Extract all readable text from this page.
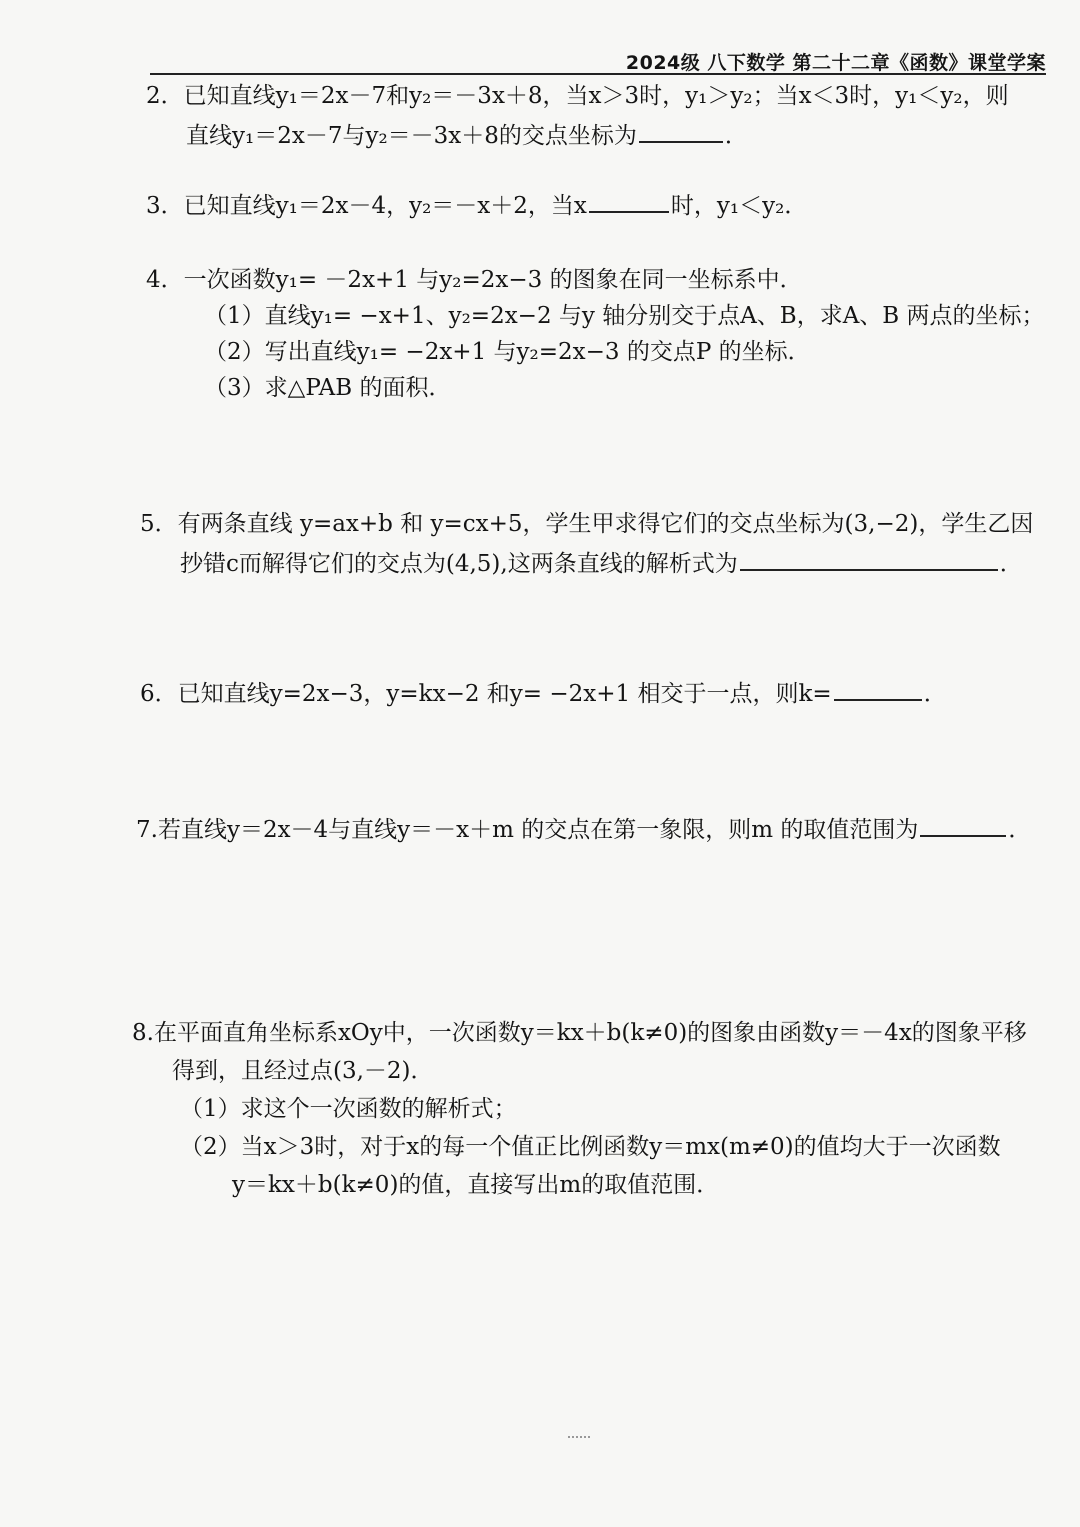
2024级 八下数学 第二十二章《函数》课堂学案
2．已知直线y₁＝2x－7和y₂＝－3x＋8，当x＞3时，y₁＞y₂；当x＜3时，y₁＜y₂，则
直线y₁＝2x－7与y₂＝－3x＋8的交点坐标为	．
3．已知直线y₁＝2x－4，y₂＝－x＋2，当x	时，y₁＜y₂．
4．一次函数y₁= －2x+1 与y₂=2x−3 的图象在同一坐标系中．
（1）直线y₁= −x+1、y₂=2x−2 与y 轴分别交于点A、B，求A、B 两点的坐标；
（2）写出直线y₁= −2x+1 与y₂=2x−3 的交点P 的坐标．
（3）求△PAB 的面积．
5．有两条直线 y=ax+b 和 y=cx+5，学生甲求得它们的交点坐标为(3,−2)，学生乙因
抄错c而解得它们的交点为(4,5),这两条直线的解析式为	．
6．已知直线y=2x−3，y=kx−2 和y= −2x+1 相交于一点，则k=	．
7.若直线y＝2x－4与直线y＝－x＋m 的交点在第一象限，则m 的取值范围为	．
8.在平面直角坐标系xOy中，一次函数y＝kx＋b(k≠0)的图象由函数y＝－4x的图象平移
得到，且经过点(3,－2)．
（1）求这个一次函数的解析式；
（2）当x＞3时，对于x的每一个值正比例函数y＝mx(m≠0)的值均大于一次函数
y＝kx＋b(k≠0)的值，直接写出m的取值范围．
